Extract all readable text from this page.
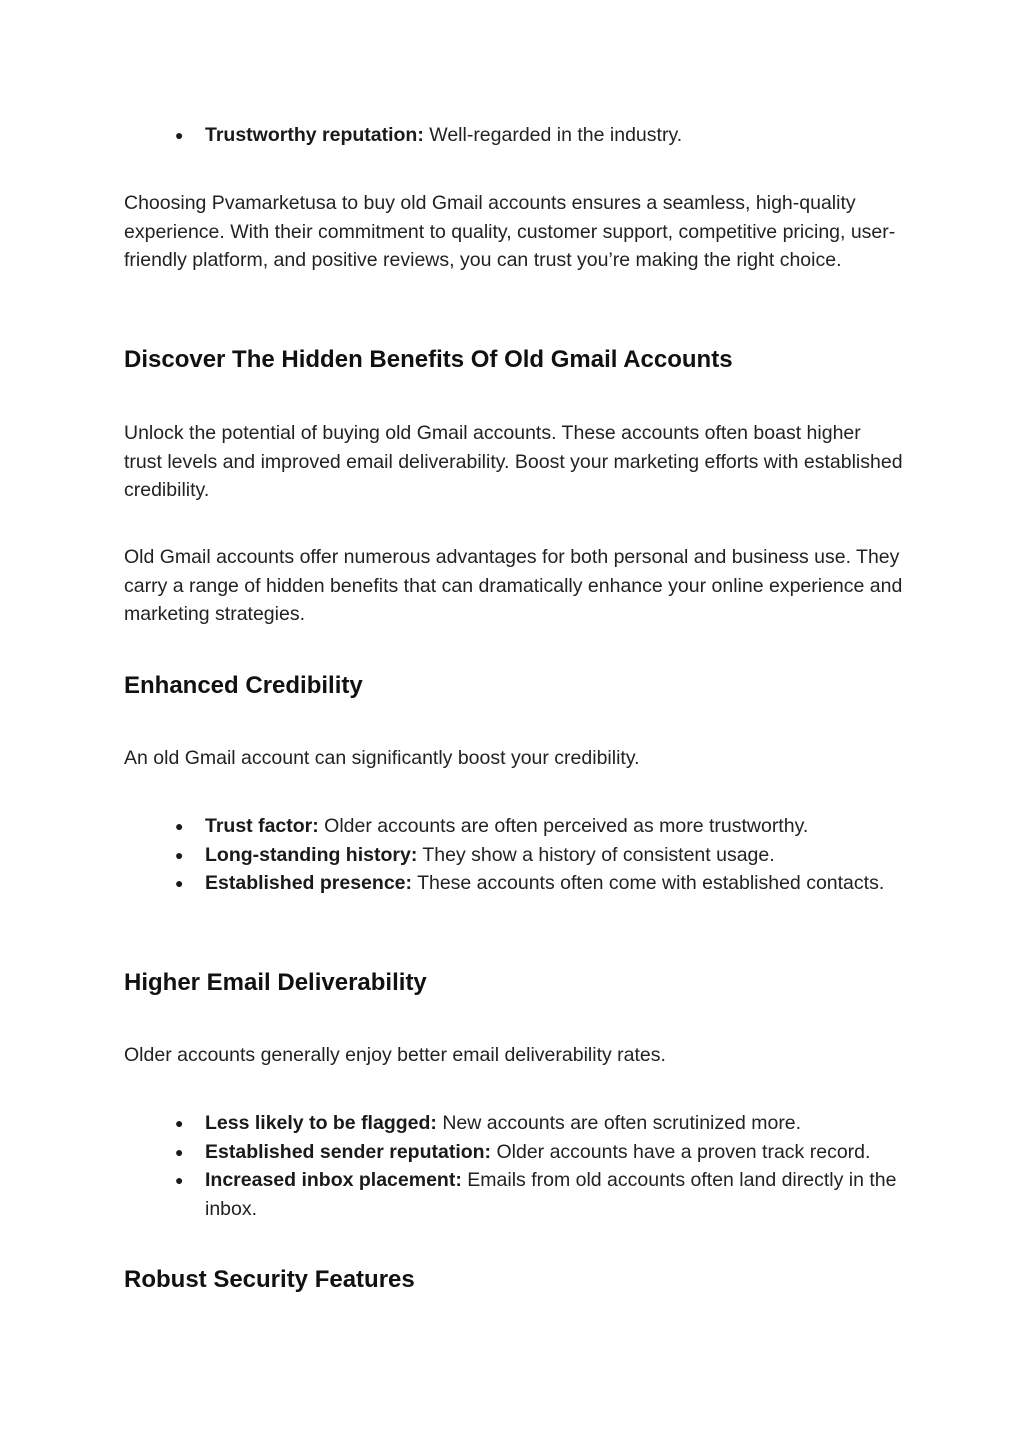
● Trustworthy reputation: Well-regarded in the industry.

Choosing Pvamarketusa to buy old Gmail accounts ensures a seamless, high-quality experience. With their commitment to quality, customer support, competitive pricing, user-friendly platform, and positive reviews, you can trust you’re making the right choice.

Discover The Hidden Benefits Of Old Gmail Accounts

Unlock the potential of buying old Gmail accounts. These accounts often boast higher trust levels and improved email deliverability. Boost your marketing efforts with established credibility.

Old Gmail accounts offer numerous advantages for both personal and business use. They carry a range of hidden benefits that can dramatically enhance your online experience and marketing strategies.

Enhanced Credibility

An old Gmail account can significantly boost your credibility.

● Trust factor: Older accounts are often perceived as more trustworthy.
● Long-standing history: They show a history of consistent usage.
● Established presence: These accounts often come with established contacts.
Higher Email Deliverability

Older accounts generally enjoy better email deliverability rates.

● Less likely to be flagged: New accounts are often scrutinized more.
● Established sender reputation: Older accounts have a proven track record.
● Increased inbox placement: Emails from old accounts often land directly in the inbox.
Robust Security Features
